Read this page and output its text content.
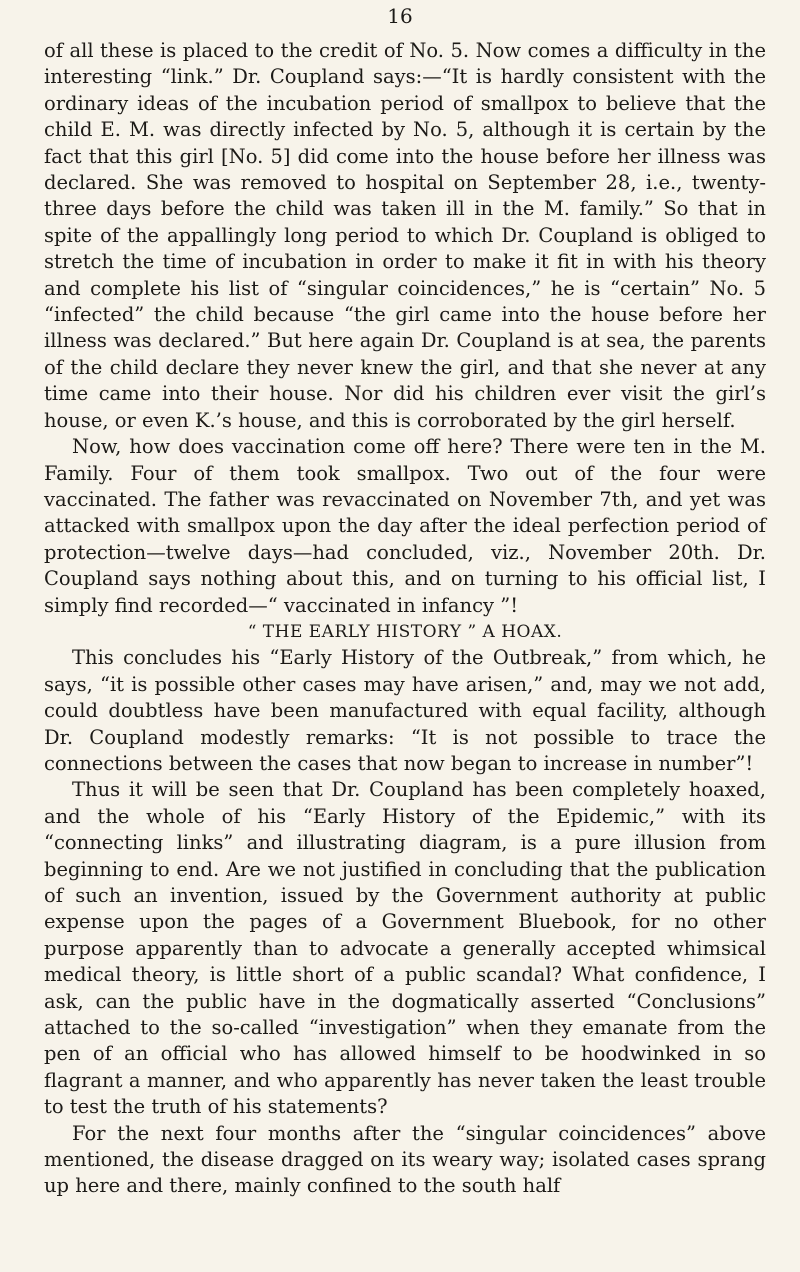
16

of all these is placed to the credit of No. 5. Now comes a difficulty in the interesting “link.” Dr. Coupland says:—“It is hardly consistent with the ordinary ideas of the incubation period of smallpox to believe that the child E. M. was directly infected by No. 5, although it is certain by the fact that this girl [No. 5] did come into the house before her illness was declared. She was removed to hospital on September 28, i.e., twenty-three days before the child was taken ill in the M. family.” So that in spite of the appallingly long period to which Dr. Coupland is obliged to stretch the time of incubation in order to make it fit in with his theory and complete his list of “singular coincidences,” he is “certain” No. 5 “infected” the child because “the girl came into the house before her illness was declared.” But here again Dr. Coupland is at sea, the parents of the child declare they never knew the girl, and that she never at any time came into their house. Nor did his children ever visit the girl’s house, or even K.’s house, and this is corroborated by the girl herself.

Now, how does vaccination come off here? There were ten in the M. Family. Four of them took smallpox. Two out of the four were vaccinated. The father was revaccinated on November 7th, and yet was attacked with smallpox upon the day after the ideal perfection period of protection—twelve days—had concluded, viz., November 20th. Dr. Coupland says nothing about this, and on turning to his official list, I simply find recorded—“ vaccinated in infancy ”!

“ THE EARLY HISTORY ” A HOAX.

This concludes his “Early History of the Outbreak,” from which, he says, “it is possible other cases may have arisen,” and, may we not add, could doubtless have been manufactured with equal facility, although Dr. Coupland modestly remarks: “It is not possible to trace the connections between the cases that now began to increase in number”!

Thus it will be seen that Dr. Coupland has been completely hoaxed, and the whole of his “Early History of the Epidemic,” with its “connecting links” and illustrating diagram, is a pure illusion from beginning to end. Are we not justified in concluding that the publication of such an invention, issued by the Government authority at public expense upon the pages of a Government Bluebook, for no other purpose apparently than to advocate a generally accepted whimsical medical theory, is little short of a public scandal? What confidence, I ask, can the public have in the dogmatically asserted “Conclusions” attached to the so-called “investigation” when they emanate from the pen of an official who has allowed himself to be hoodwinked in so flagrant a manner, and who apparently has never taken the least trouble to test the truth of his statements?

For the next four months after the “singular coincidences” above mentioned, the disease dragged on its weary way; isolated cases sprang up here and there, mainly confined to the south half
